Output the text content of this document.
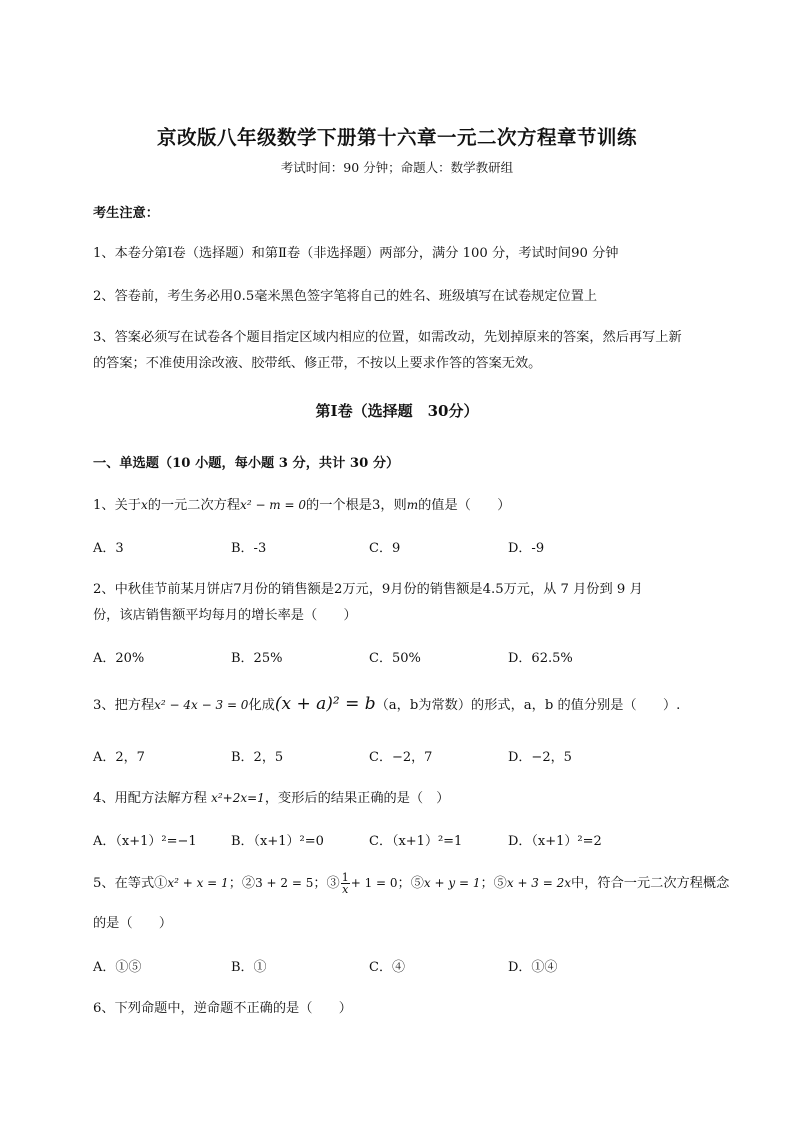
京改版八年级数学下册第十六章一元二次方程章节训练
考试时间：90 分钟；命题人：数学教研组
考生注意：
1、本卷分第Ⅰ卷（选择题）和第Ⅱ卷（非选择题）两部分，满分 100 分，考试时间90 分钟
2、答卷前，考生务必用0.5毫米黑色签字笔将自己的姓名、班级填写在试卷规定位置上
3、答案必须写在试卷各个题目指定区域内相应的位置，如需改动，先划掉原来的答案，然后再写上新
的答案；不准使用涂改液、胶带纸、修正带，不按以上要求作答的答案无效。
第Ⅰ卷（选择题　30分）
一、单选题（10 小题，每小题 3 分，共计 30 分）
1、关于x的一元二次方程x² − m = 0的一个根是3，则m的值是（　　）
A．3	B．-3	C．9	D．-9
2、中秋佳节前某月饼店7月份的销售额是2万元，9月份的销售额是4.5万元，从 7 月份到 9 月
份，该店销售额平均每月的增长率是（　　）
A．20%	B．25%	C．50%	D．62.5%
3、把方程x² − 4x − 3 = 0化成(x + a)² = b（a，b为常数）的形式，a，b 的值分别是（　　）.
A．2，7	B．2，5	C．−2，7	D．−2，5
4、用配方法解方程 x²+2x=1，变形后的结果正确的是（　）
A．（x+1）²=−1	B．（x+1）²=0	C．（x+1）²=1	D．（x+1）²=2
5、在等式①x² + x = 1；②3 + 2 = 5；③ $\frac{1}{x} + 1 = 0$；⑤x + y = 1；⑤x + 3 = 2x中，符合一元二次方程概念
的是（　　）
A．①⑤	B．①	C．④	D．①④
6、下列命题中，逆命题不正确的是（　　）
